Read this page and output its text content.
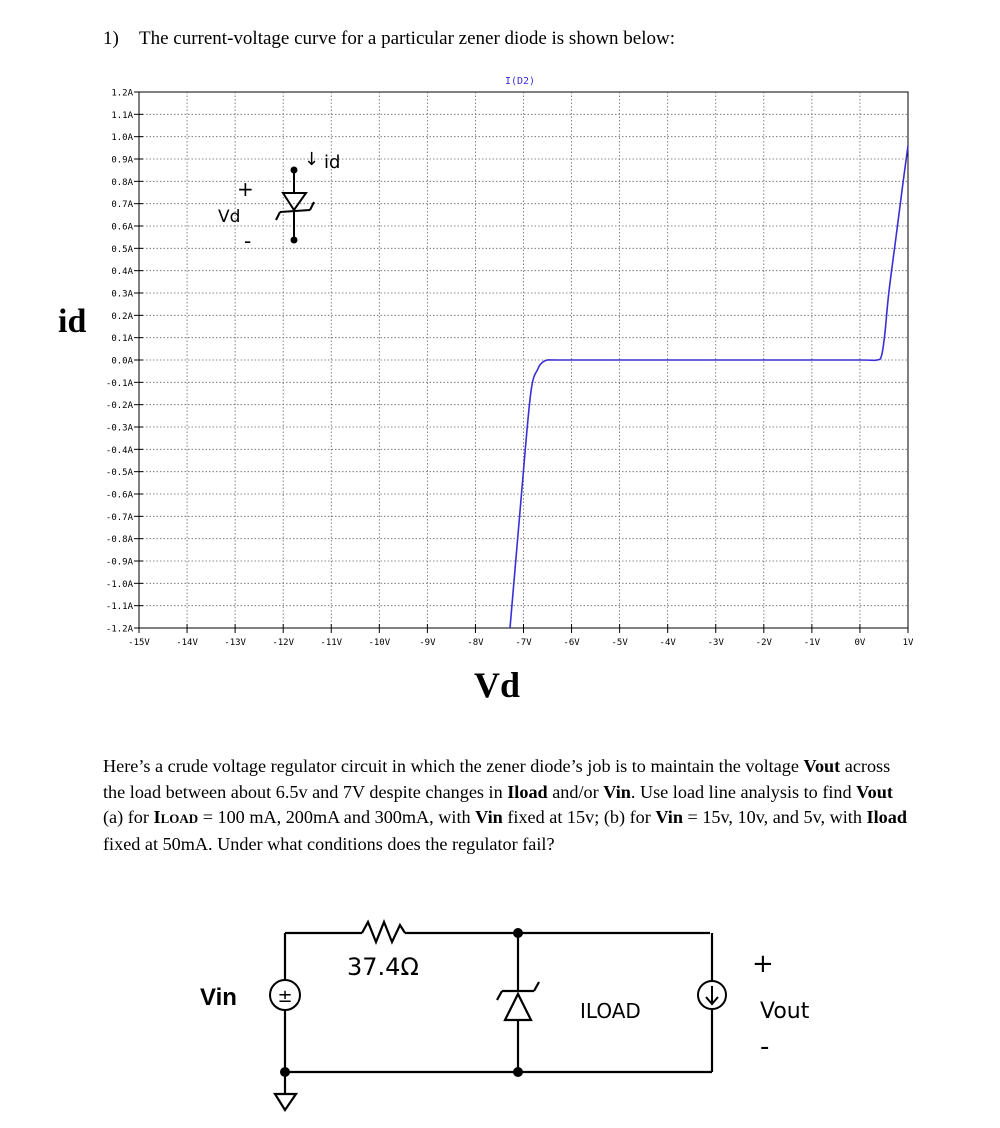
1) The current-voltage curve for a particular zener diode is shown below:
1.2A
1.1A
1.0A
0.9A
0.8A
0.7A
0.6A
0.5A
0.4A
0.3A
0.2A
0.1A
0.0A
-0.1A
-0.2A
-0.3A
-0.4A
-0.5A
-0.6A
-0.7A
-0.8A
-0.9A
-1.0A
-1.1A
-1.2A
-15V	-14V	-13V	-12V	-11V	-10V	-9V	-8V	-7V	-6V	-5V	-4V	-3V	-2V	-1V	0V	1V
I(D2)
+
Vd
-
↓ id
id
Vd
Here’s a crude voltage regulator circuit in which the zener diode’s job is to maintain the voltage Vout across the load between about 6.5v and 7V despite changes in Iload and/or Vin. Use load line analysis to find Vout (a) for ILOAD = 100 mA, 200mA and 300mA, with Vin fixed at 15v; (b) for Vin = 15v, 10v, and 5v, with Iload fixed at 50mA. Under what conditions does the regulator fail?
±
Vin
37.4Ω
ILOAD
+
Vout
-
